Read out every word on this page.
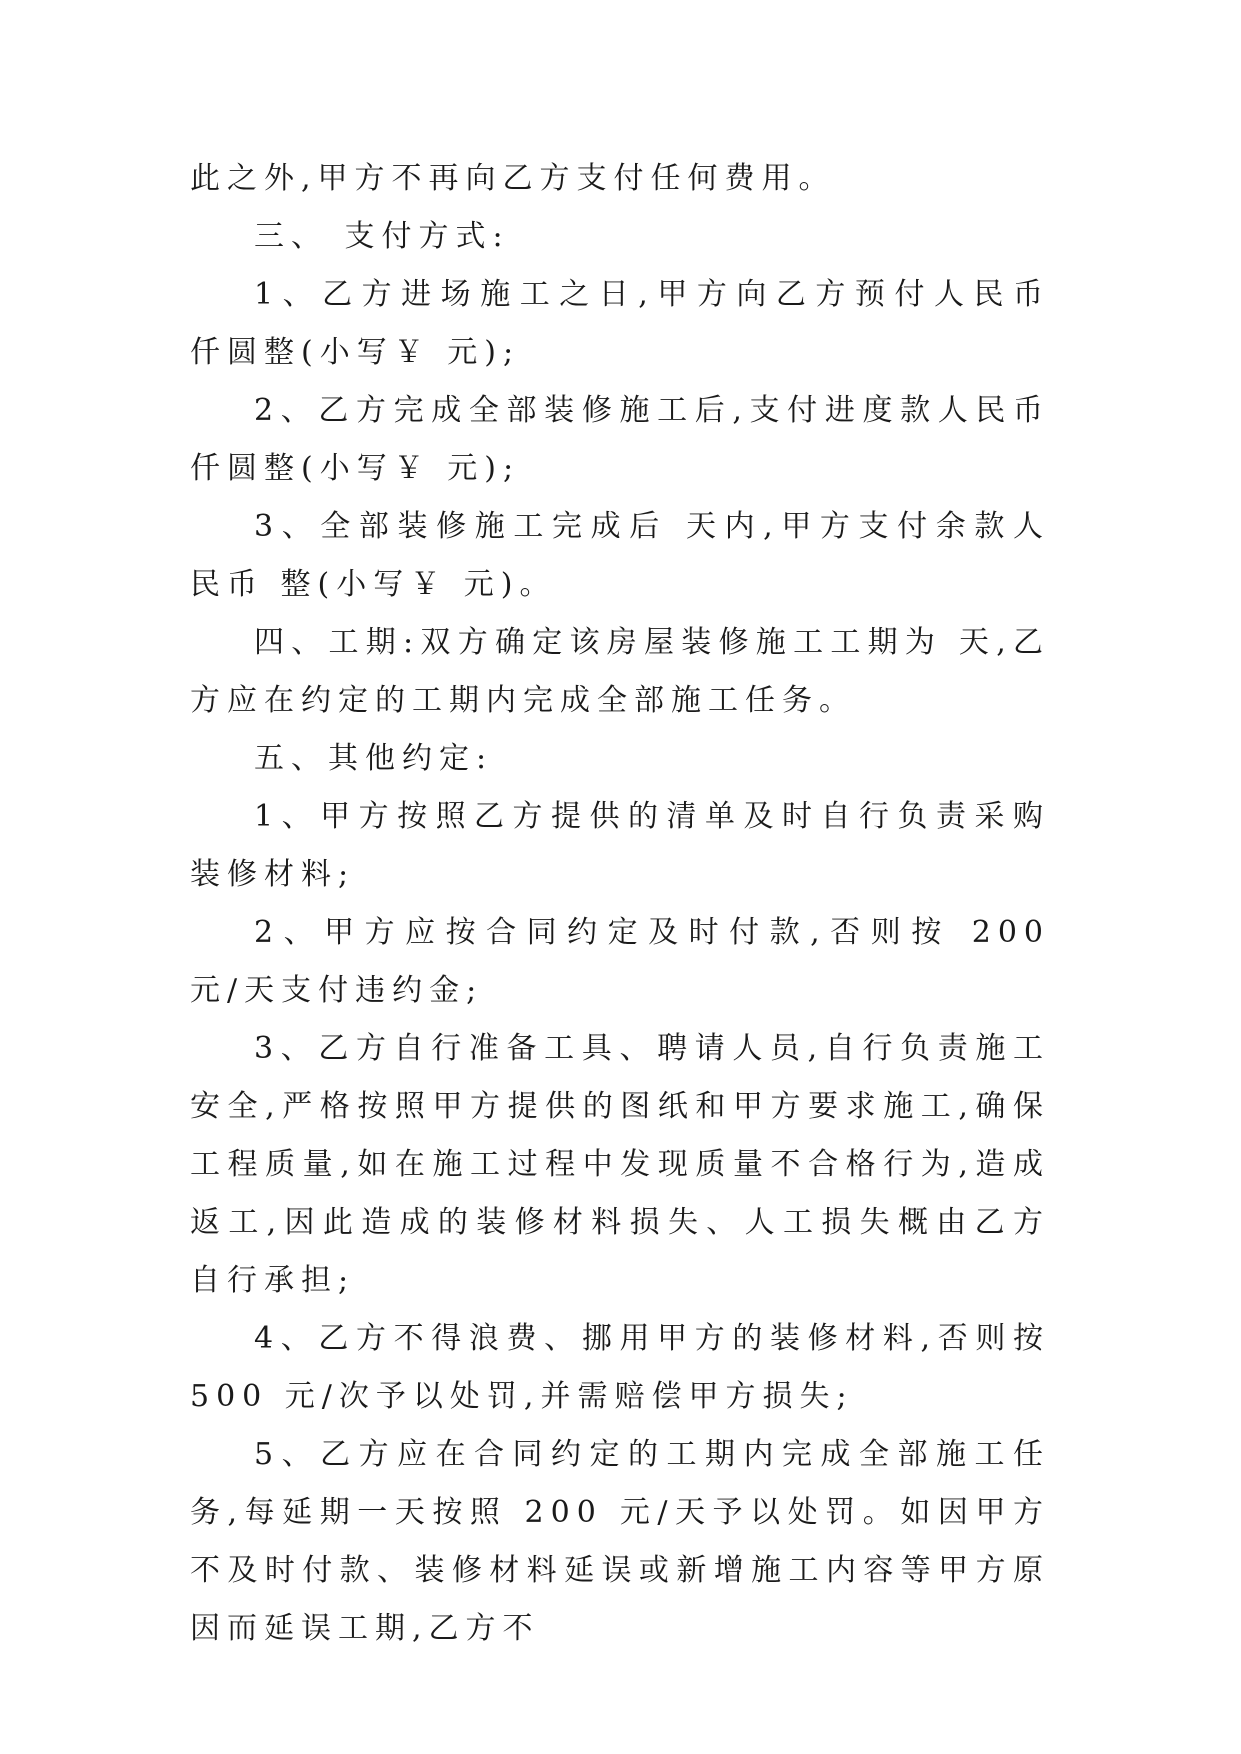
此之外,甲方不再向乙方支付任何费用。

三、 支付方式:

1、乙方进场施工之日,甲方向乙方预付人民币 仟圆整(小写￥ 元);

2、乙方完成全部装修施工后,支付进度款人民币 仟圆整(小写￥ 元);

3、全部装修施工完成后 天内,甲方支付余款人民币 整(小写￥ 元)。

四、工期:双方确定该房屋装修施工工期为 天,乙方应在约定的工期内完成全部施工任务。

五、其他约定:

1、甲方按照乙方提供的清单及时自行负责采购装修材料;

2、甲方应按合同约定及时付款,否则按 200 元/天支付违约金;

3、乙方自行准备工具、聘请人员,自行负责施工安全,严格按照甲方提供的图纸和甲方要求施工,确保工程质量,如在施工过程中发现质量不合格行为,造成返工,因此造成的装修材料损失、人工损失概由乙方自行承担;

4、乙方不得浪费、挪用甲方的装修材料,否则按 500 元/次予以处罚,并需赔偿甲方损失;

5、乙方应在合同约定的工期内完成全部施工任务,每延期一天按照 200 元/天予以处罚。如因甲方不及时付款、装修材料延误或新增施工内容等甲方原因而延误工期,乙方不
